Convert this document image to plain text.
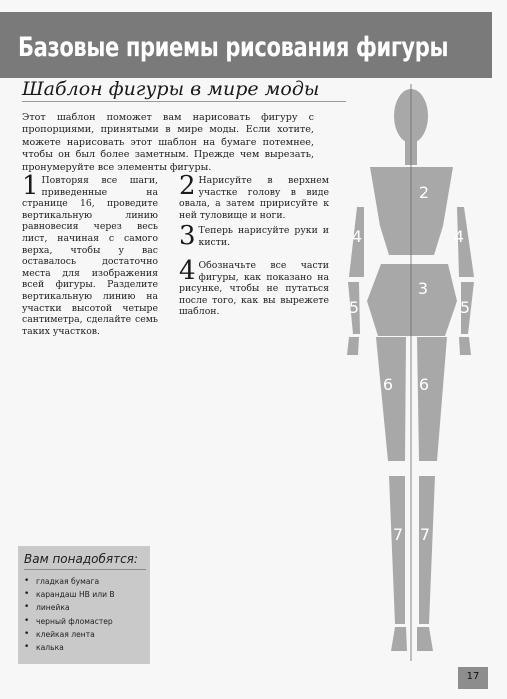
Базовые приемы рисования фигуры
Шаблон фигуры в мире моды
Этот шаблон поможет вам нарисовать фигуру с пропорциями, принятыми в мире моды. Если хотите, можете нарисовать этот шаблон на бумаге потемнее, чтобы он был более заметным. Прежде чем вырезать, пронумеруйте все элементы фигуры.
1 Повторяя все шаги, приведенные на странице 16, проведите вертикальную линию равновесия через весь лист, начиная с самого верха, чтобы у вас оставалось достаточно места для изображения всей фигуры. Разделите вертикальную линию на участки высотой четыре сантиметра, сделайте семь таких участков.
2 Нарисуйте в верхнем участке голову в виде овала, а затем пририсуйте к ней туловище и ноги.
3 Теперь нарисуйте руки и кисти.
4 Обозначьте все части фигуры, как показано на рисунке, чтобы не путаться после того, как вы вырежете шаблон.
Вам понадобятся:
• гладкая бумага
• карандаш HB или B
• линейка
• черный фломастер
• клейкая лента
• калька
2
4	4
3
5	5
6 6
7 7
17
